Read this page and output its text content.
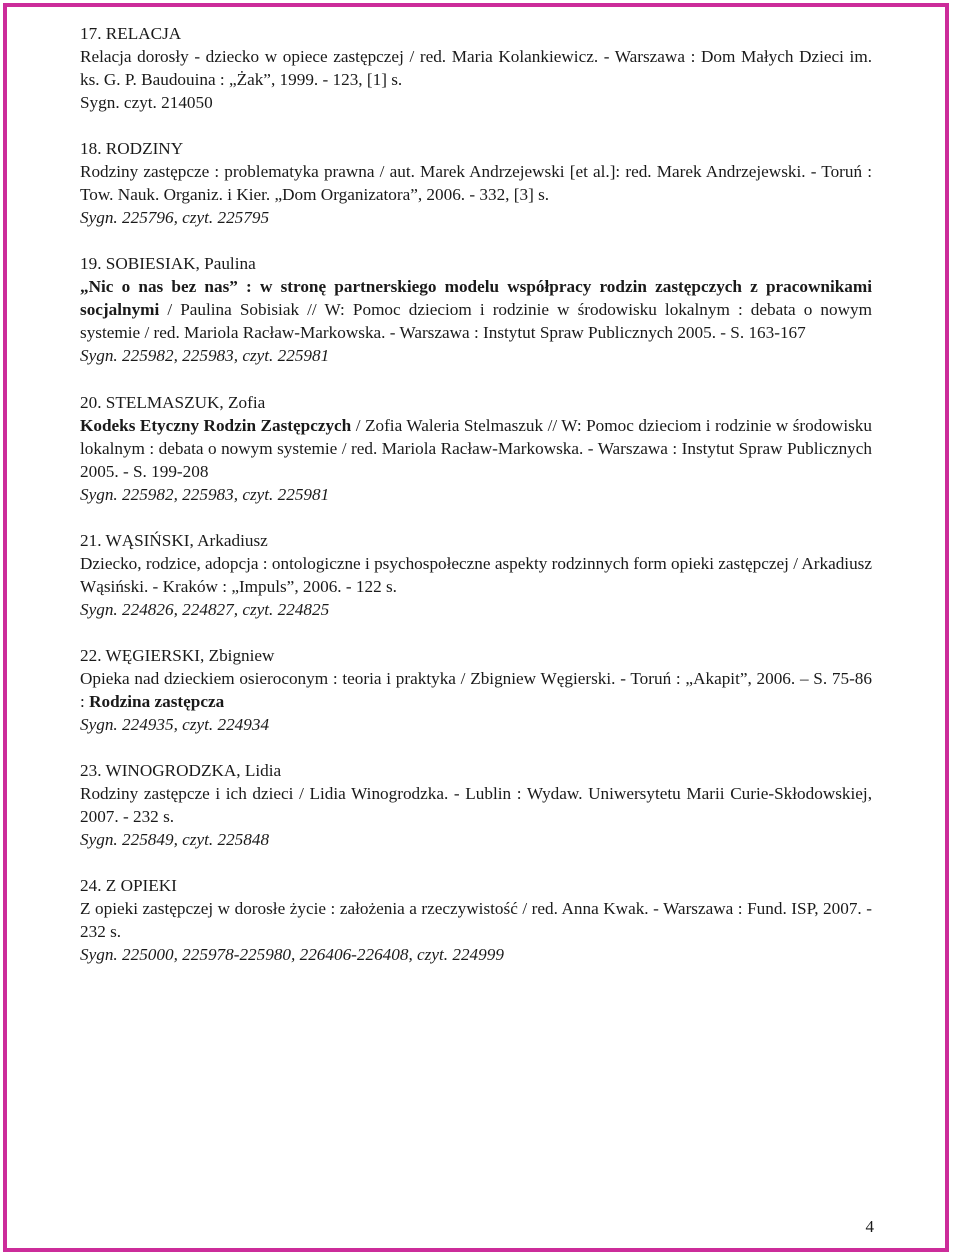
17. RELACJA
Relacja dorosły - dziecko w opiece zastępczej / red. Maria Kolankiewicz. - Warszawa : Dom Małych Dzieci im. ks. G. P. Baudouina : „Żak”, 1999. - 123, [1] s.
Sygn. czyt. 214050
18. RODZINY
Rodziny zastępcze : problematyka prawna / aut. Marek Andrzejewski [et al.]: red. Marek Andrzejewski. - Toruń : Tow. Nauk. Organiz. i Kier. „Dom Organizatora”, 2006. - 332, [3] s.
Sygn. 225796, czyt. 225795
19. SOBIESIAK, Paulina
„Nic o nas bez nas” : w stronę partnerskiego modelu współpracy rodzin zastępczych z pracownikami socjalnymi / Paulina Sobisiak // W: Pomoc dzieciom i rodzinie w środowisku lokalnym : debata o nowym systemie / red. Mariola Racław-Markowska. - Warszawa : Instytut Spraw Publicznych 2005. - S. 163-167
Sygn. 225982, 225983, czyt. 225981
20. STELMASZUK, Zofia
Kodeks Etyczny Rodzin Zastępczych / Zofia Waleria Stelmaszuk // W: Pomoc dzieciom i rodzinie w środowisku lokalnym : debata o nowym systemie / red. Mariola Racław-Markowska. - Warszawa : Instytut Spraw Publicznych 2005. - S. 199-208
Sygn. 225982, 225983, czyt. 225981
21. WĄSIŃSKI, Arkadiusz
Dziecko, rodzice, adopcja : ontologiczne i psychospołeczne aspekty rodzinnych form opieki zastępczej / Arkadiusz Wąsiński. - Kraków : „Impuls”, 2006. - 122 s.
Sygn. 224826, 224827, czyt. 224825
22. WĘGIERSKI, Zbigniew
Opieka nad dzieckiem osieroconym : teoria i praktyka / Zbigniew Węgierski. - Toruń : „Akapit”, 2006. – S. 75-86 : Rodzina zastępcza
Sygn. 224935, czyt. 224934
23. WINOGRODZKA, Lidia
Rodziny zastępcze i ich dzieci / Lidia Winogrodzka. - Lublin : Wydaw. Uniwersytetu Marii Curie-Skłodowskiej, 2007. - 232 s.
Sygn. 225849, czyt. 225848
24. Z OPIEKI
Z opieki zastępczej w dorosłe życie : założenia a rzeczywistość / red. Anna Kwak. - Warszawa : Fund. ISP, 2007. - 232 s.
Sygn. 225000, 225978-225980, 226406-226408, czyt. 224999
4
